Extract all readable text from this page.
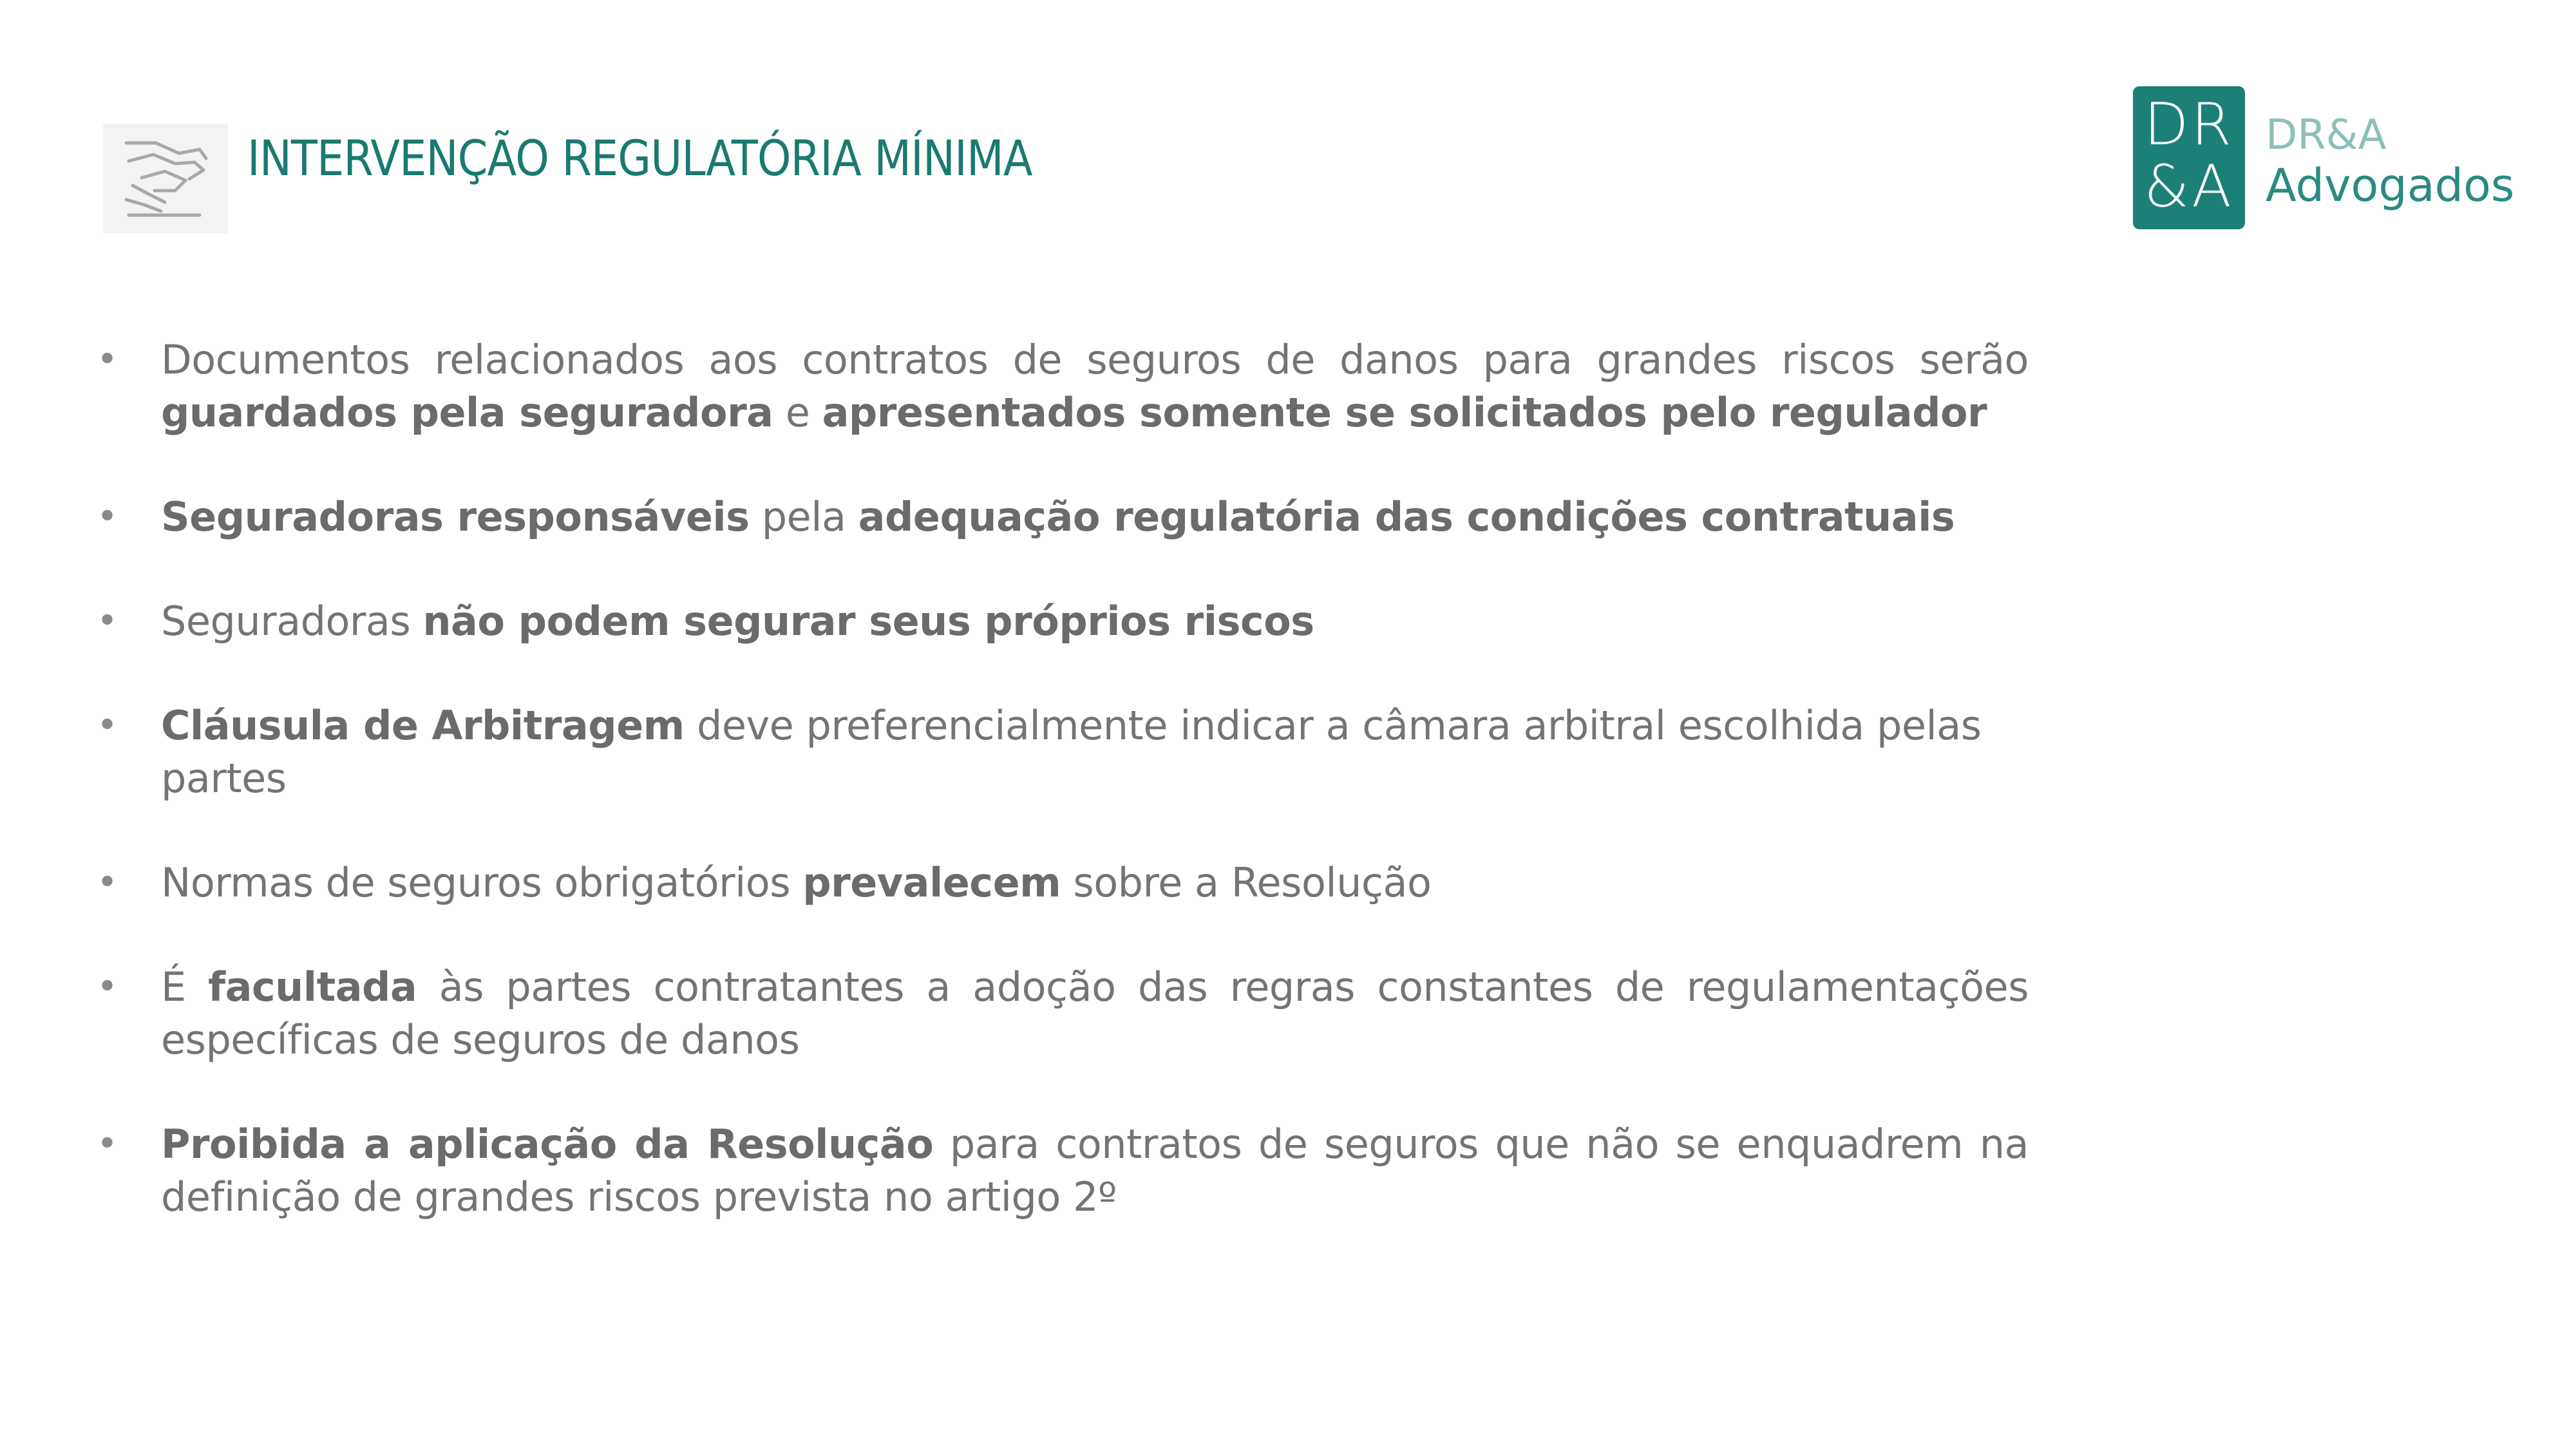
INTERVENÇÃO REGULATÓRIA MÍNIMA	DR
&A
DR&A
Advogados
• Documentos relacionados aos contratos de seguros de danos para grandes riscos serão guardados pela seguradora e apresentados somente se solicitados pelo regulador
• Seguradoras responsáveis pela adequação regulatória das condições contratuais
• Seguradoras não podem segurar seus próprios riscos
• Cláusula de Arbitragem deve preferencialmente indicar a câmara arbitral escolhida pelas partes
• Normas de seguros obrigatórios prevalecem sobre a Resolução
• É facultada às partes contratantes a adoção das regras constantes de regulamentações específicas de seguros de danos
• Proibida a aplicação da Resolução para contratos de seguros que não se enquadrem na definição de grandes riscos prevista no artigo 2º
